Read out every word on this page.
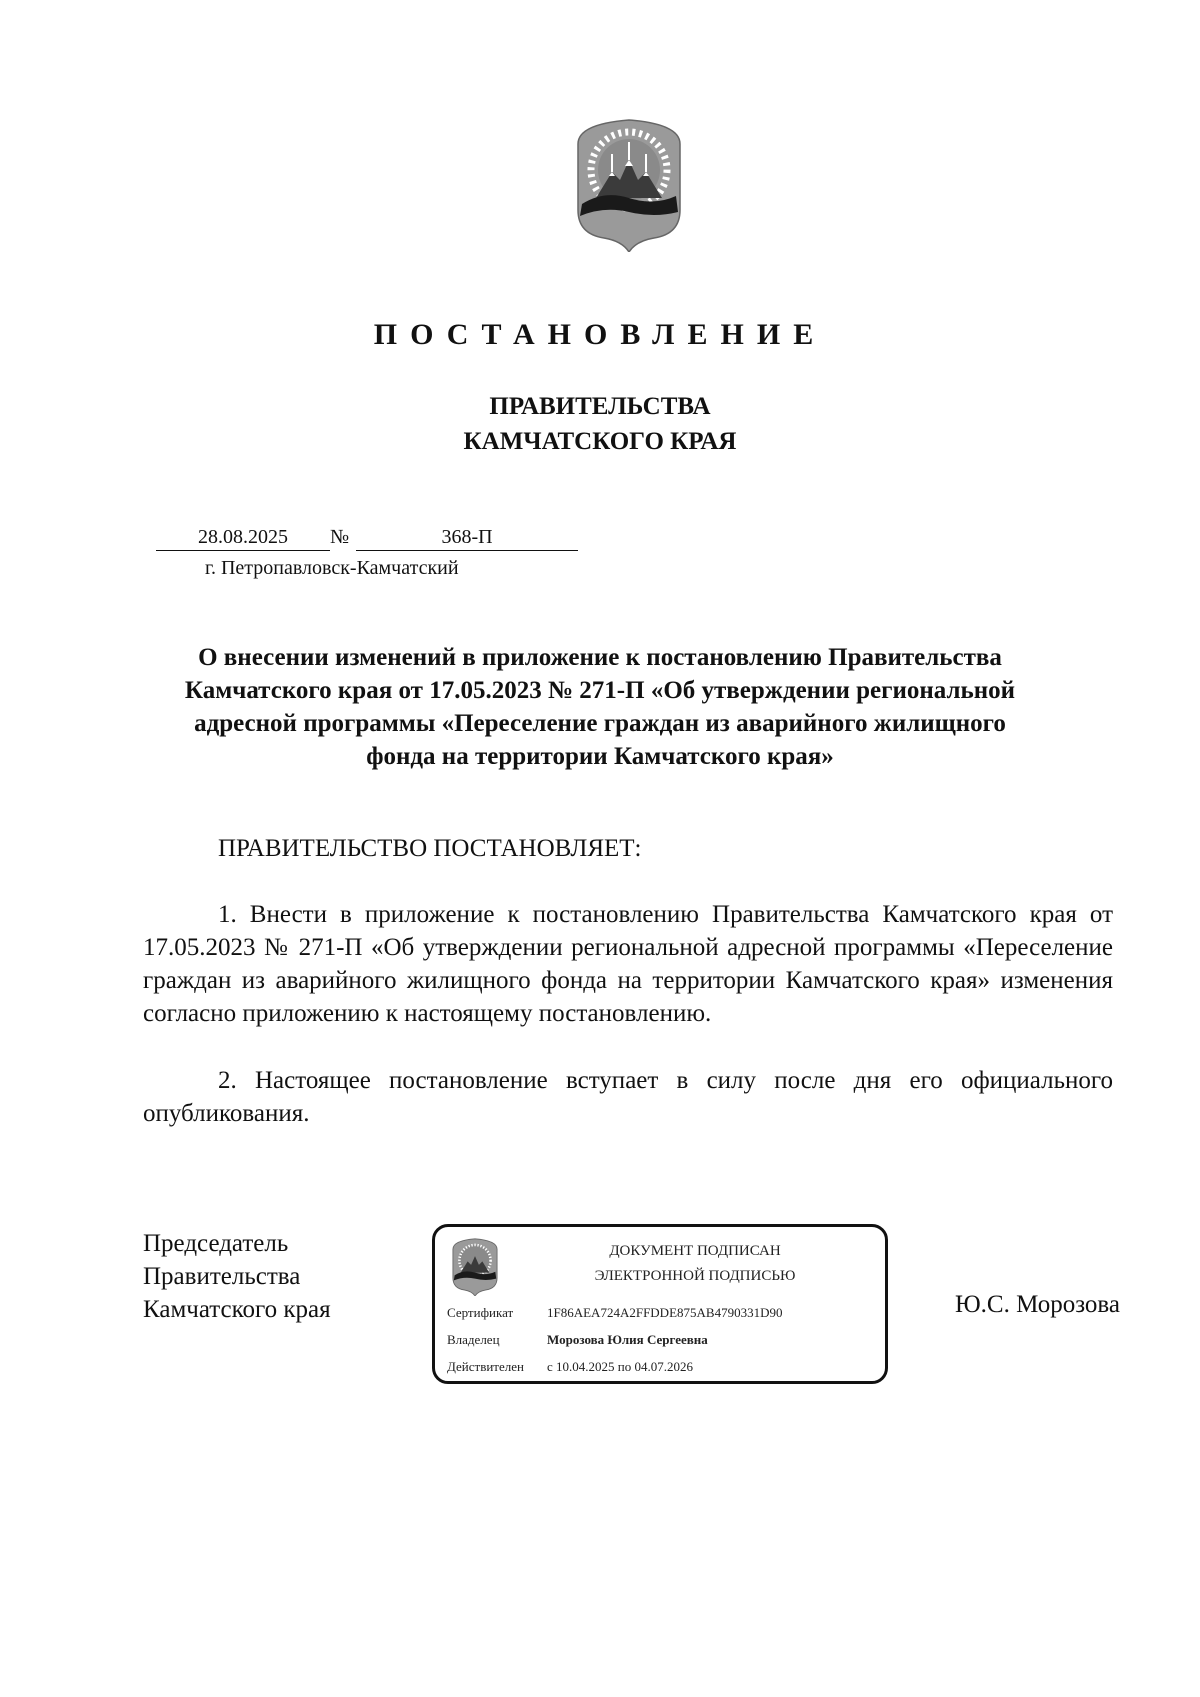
ПОСТАНОВЛЕНИЕ
ПРАВИТЕЛЬСТВА
КАМЧАТСКОГО КРАЯ
28.08.2025	№	368-П
г. Петропавловск-Камчатский
О внесении изменений в приложение к постановлению Правительства
Камчатского края от 17.05.2023 № 271-П «Об утверждении региональной
адресной программы «Переселение граждан из аварийного жилищного
фонда на территории Камчатского края»
ПРАВИТЕЛЬСТВО ПОСТАНОВЛЯЕТ:
1. Внести в приложение к постановлению Правительства Камчатского края от 17.05.2023 № 271-П «Об утверждении региональной адресной программы «Переселение граждан из аварийного жилищного фонда на территории Камчатского края» изменения согласно приложению к настоящему постановлению.
2. Настоящее постановление вступает в силу после дня его официального опубликования.
Председатель
Правительства
Камчатского края
ДОКУМЕНТ ПОДПИСАН
ЭЛЕКТРОННОЙ ПОДПИСЬЮ
Сертификат	1F86AEA724A2FFDDE875AB4790331D90
Владелец	Морозова Юлия Сергеевна
Действителен с 10.04.2025 по 04.07.2026
Ю.С. Морозова
